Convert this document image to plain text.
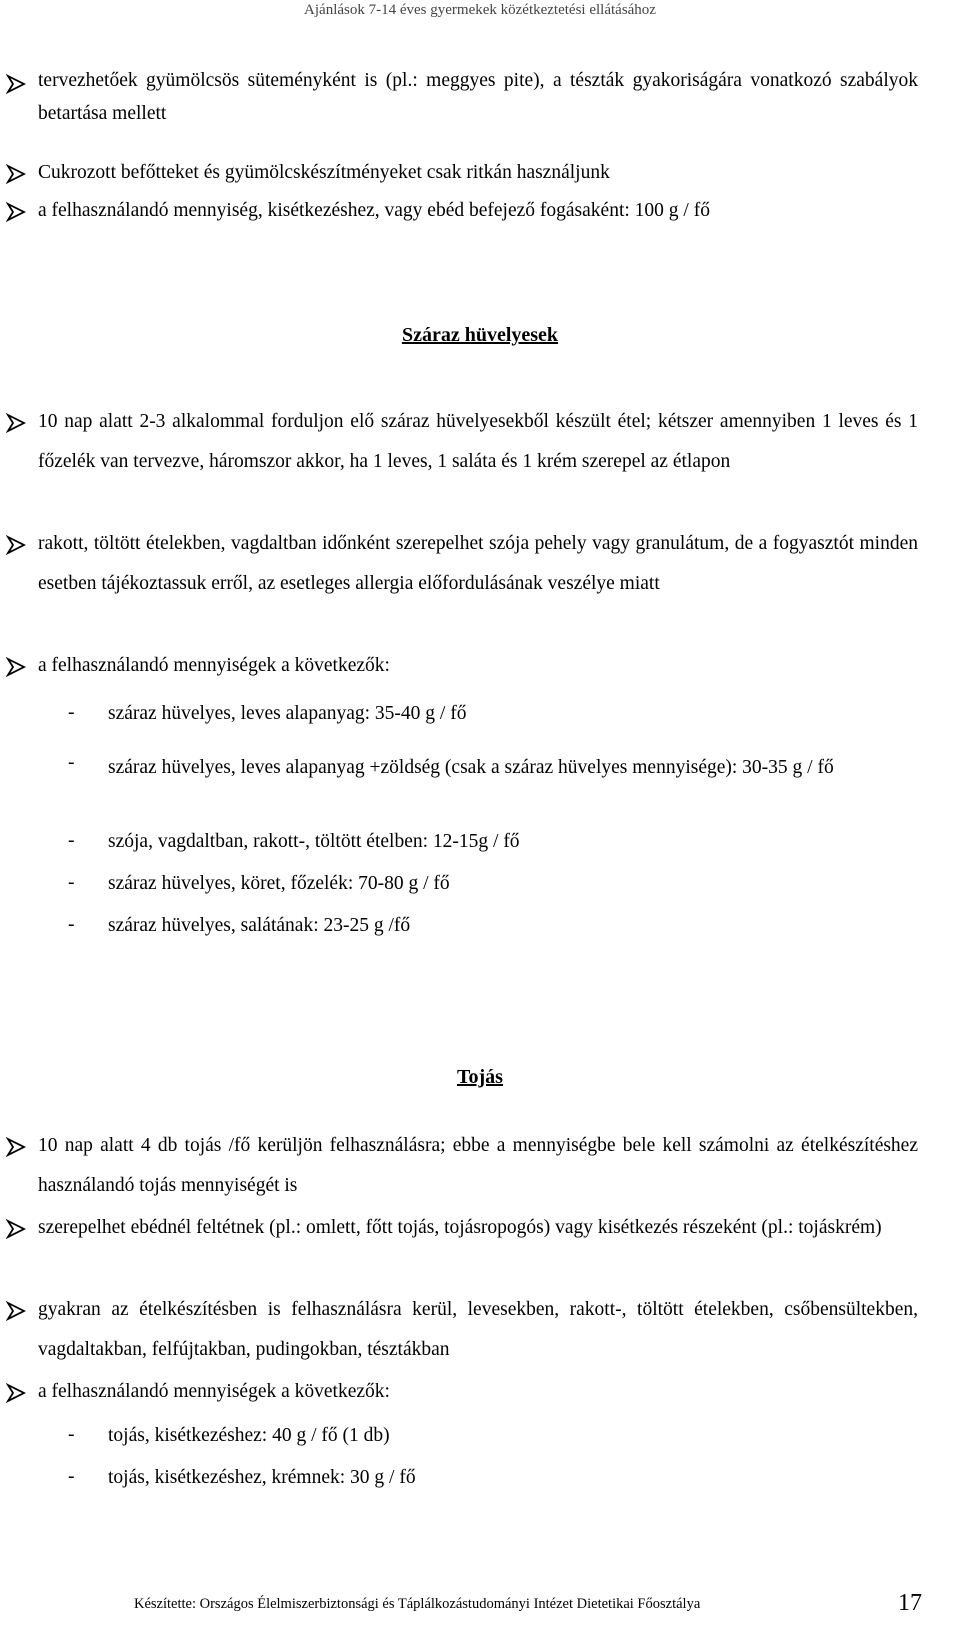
Ajánlások 7-14 éves gyermekek közétkeztetési ellátásához
tervezhetőek gyümölcsös süteményként is (pl.: meggyes pite), a tészták gyakoriságára vonatkozó szabályok betartása mellett
Cukrozott befőtteket és gyümölcskészítményeket csak ritkán használjunk
a felhasználandó mennyiség, kisétkezéshez, vagy ebéd befejező fogásaként: 100 g / fő
Száraz hüvelyesek
10 nap alatt 2-3 alkalommal forduljon elő száraz hüvelyesekből készült étel; kétszer amennyiben 1 leves és 1 főzelék van tervezve, háromszor akkor, ha 1 leves, 1 saláta és 1 krém szerepel az étlapon
rakott, töltött ételekben, vagdaltban időnként szerepelhet szója pehely vagy granulátum, de a fogyasztót minden esetben tájékoztassuk erről, az esetleges allergia előfordulásának veszélye miatt
a felhasználandó mennyiségek a következők:
- száraz hüvelyes, leves alapanyag: 35-40 g / fő
- száraz hüvelyes, leves alapanyag +zöldség (csak a száraz hüvelyes mennyisége): 30-35 g / fő
- szója, vagdaltban, rakott-, töltött ételben: 12-15g / fő
- száraz hüvelyes, köret, főzelék: 70-80 g / fő
- száraz hüvelyes, salátának: 23-25 g /fő
Tojás
10 nap alatt 4 db tojás /fő kerüljön felhasználásra; ebbe a mennyiségbe bele kell számolni az ételkészítéshez használandó tojás mennyiségét is
szerepelhet ebédnél feltétnek (pl.: omlett, főtt tojás, tojásropogós) vagy kisétkezés részeként (pl.: tojáskrém)
gyakran az ételkészítésben is felhasználásra kerül, levesekben, rakott-, töltött ételekben, csőbensültekben, vagdaltakban, felfújtakban, pudingokban, tésztákban
a felhasználandó mennyiségek a következők:
- tojás, kisétkezéshez: 40 g / fő (1 db)
- tojás, kisétkezéshez, krémnek: 30 g / fő
Készítette: Országos Élelmiszerbiztonsági és Táplálkozástudományi Intézet Dietetikai Főosztálya	17
